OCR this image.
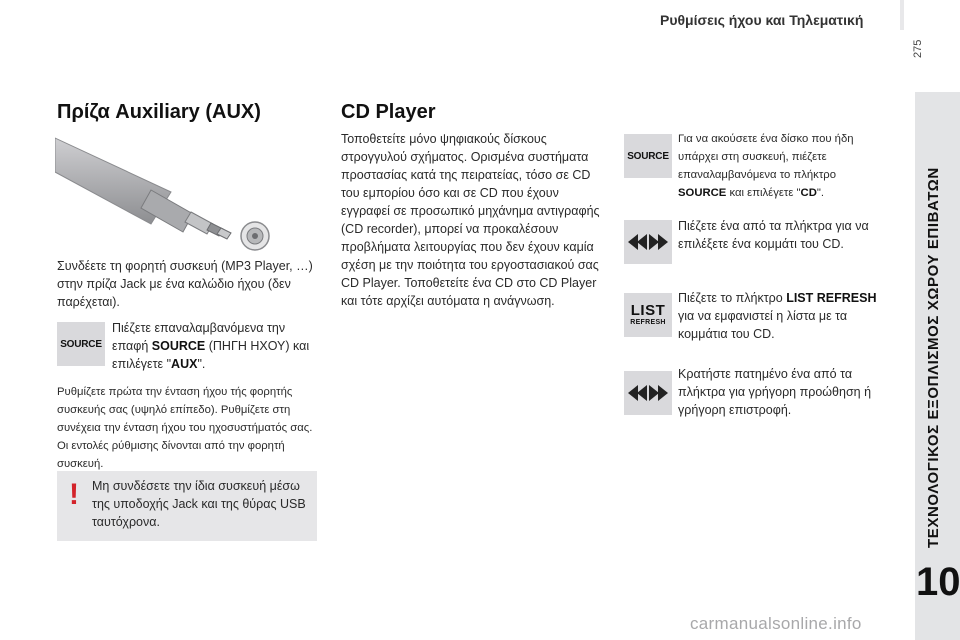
Ρυθμίσεις ήχου και Τηλεματική
275
ΤΕΧΝΟΛΟΓΙΚΟΣ ΕΞΟΠΛΙΣΜΟΣ ΧΩΡΟΥ ΕΠΙΒΑΤΩΝ
10
Πρίζα Auxiliary (AUX)
Συνδέετε τη φορητή συσκευή (MP3 Player, …) στην πρίζα Jack με ένα καλώδιο ήχου (δεν παρέχεται).
SOURCE
Πιέζετε επαναλαμβανόμενα την επαφή SOURCE (ΠΗΓΗ ΗΧΟΥ) και επιλέγετε "AUX".
Ρυθμίζετε πρώτα την ένταση ήχου τής φορητής συσκευής σας (υψηλό επίπεδο). Ρυθμίζετε στη συνέχεια την ένταση ήχου του ηχοσυστήματός σας. Οι εντολές ρύθμισης δίνονται από την φορητή συσκευή.
! Μη συνδέσετε την ίδια συσκευή μέσω της υποδοχής Jack και της θύρας USB ταυτόχρονα.
CD Player
Τοποθετείτε μόνο ψηφιακούς δίσκους στρογγυλού σχήματος. Ορισμένα συστήματα προστασίας κατά της πειρατείας, τόσο σε CD του εμπορίου όσο και σε CD που έχουν εγγραφεί σε προσωπικό μηχάνημα αντιγραφής (CD recorder), μπορεί να προκαλέσουν προβλήματα λειτουργίας που δεν έχουν καμία σχέση με την ποιότητα του εργοστασιακού σας CD Player. Τοποθετείτε ένα CD στο CD Player και τότε αρχίζει αυτόματα η ανάγνωση.
SOURCE
Για να ακούσετε ένα δίσκο που ήδη υπάρχει στη συσκευή, πιέζετε επαναλαμβανόμενα το πλήκτρο SOURCE και επιλέγετε "CD".
Πιέζετε ένα από τα πλήκτρα για να επιλέξετε ένα κομμάτι του CD.
LIST
REFRESH
Πιέζετε το πλήκτρο LIST REFRESH για να εμφανιστεί η λίστα με τα κομμάτια του CD.
Κρατήστε πατημένο ένα από τα πλήκτρα για γρήγορη προώθηση ή γρήγορη επιστροφή.
carmanualsonline.info
